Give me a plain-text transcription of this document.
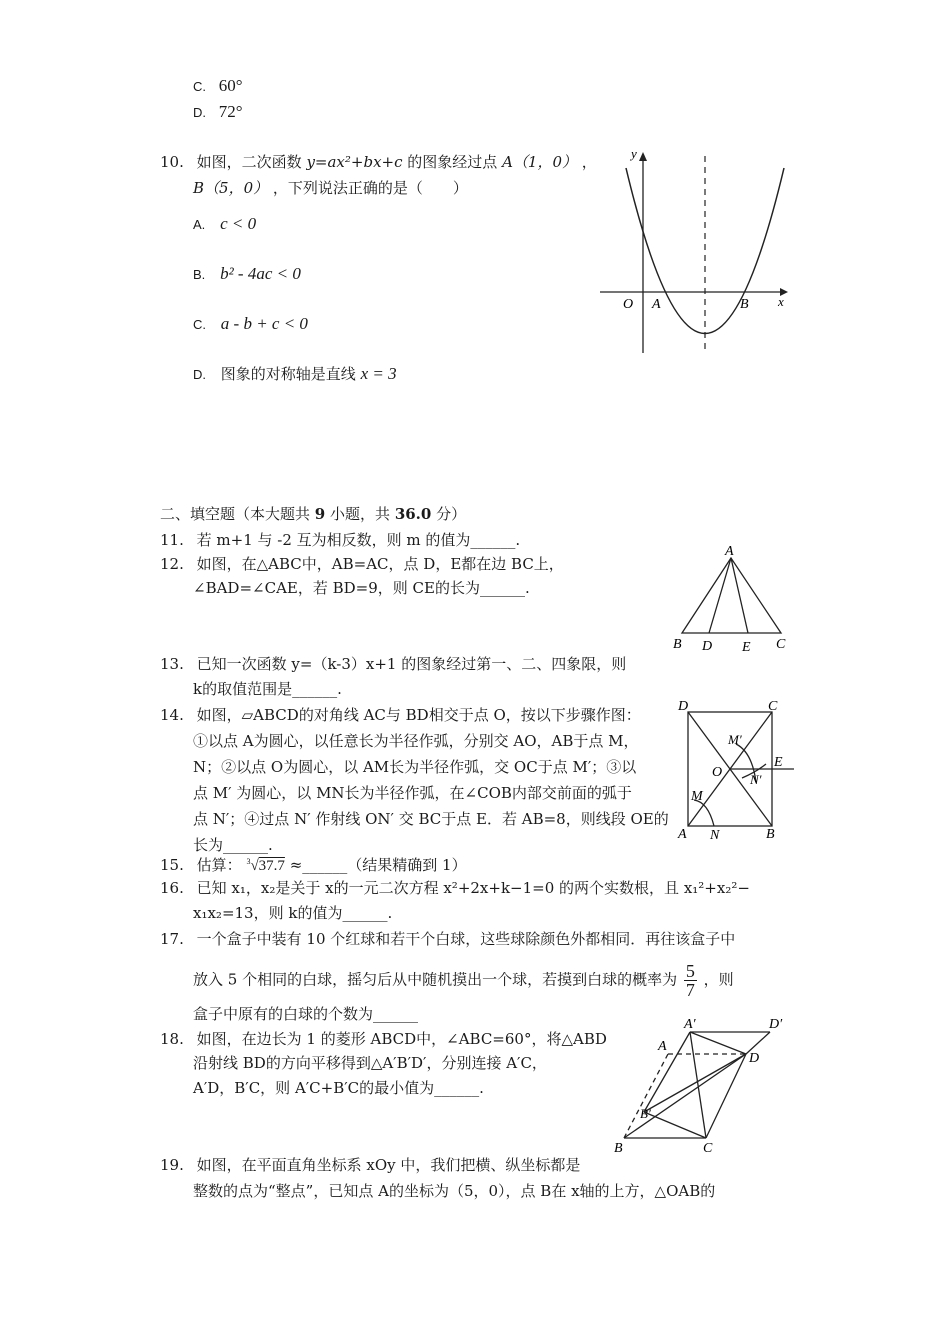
C. 60°
D. 72°
10. 如图，二次函数 y=ax²+bx+c 的图象经过点 A（1，0） ，
B（5，0） ，下列说法正确的是（　　）
A. c < 0
B. b² - 4ac < 0
C. a - b + c < 0
D. 图象的对称轴是直线 x = 3
y
x
O A	B
二、填空题（本大题共 9 小题，共 36.0 分）
11. 若 m+1 与 -2 互为相反数，则 m 的值为______.
12. 如图，在△ABC中，AB=AC，点 D，E都在边 BC上，
∠BAD=∠CAE，若 BD=9，则 CE的长为______.
A
B D E C
13. 已知一次函数 y=（k-3）x+1 的图象经过第一、二、四象限，则
k的取值范围是______.
14. 如图，▱ABCD的对角线 AC与 BD相交于点 O，按以下步骤作图：
①以点 A为圆心，以任意长为半径作弧，分别交 AO，AB于点 M，
N；②以点 O为圆心，以 AM长为半径作弧，交 OC于点 M′；③以
点 M′ 为圆心，以 MN长为半径作弧，在∠COB内部交前面的弧于
点 N′；④过点 N′ 作射线 ON′ 交 BC于点 E．若 AB=8，则线段 OE的
长为______.
D	C
A	B
O
M
N
M′
N′
E
15. 估算： $^3$√37.7 ≈______（结果精确到 1）
16. 已知 x₁，x₂是关于 x的一元二次方程 x²+2x+k−1=0 的两个实数根，且 x₁²+x₂²−
x₁x₂=13，则 k的值为______.
17. 一个盒子中装有 10 个红球和若干个白球，这些球除颜色外都相同．再往该盒子中
放入 5 个相同的白球，摇匀后从中随机摸出一个球，若摸到白球的概率为 $\frac{5}{7}$ ，则
盒子中原有的白球的个数为______
18. 如图，在边长为 1 的菱形 ABCD中，∠ABC=60°，将△ABD
沿射线 BD的方向平移得到△A′B′D′，分别连接 A′C，
A′D，B′C，则 A′C+B′C的最小值为______.
A′	D′
A
D
B′
B	C
19. 如图，在平面直角坐标系 xOy 中，我们把横、纵坐标都是
整数的点为“整点”，已知点 A的坐标为（5，0），点 B在 x轴的上方，△OAB的
